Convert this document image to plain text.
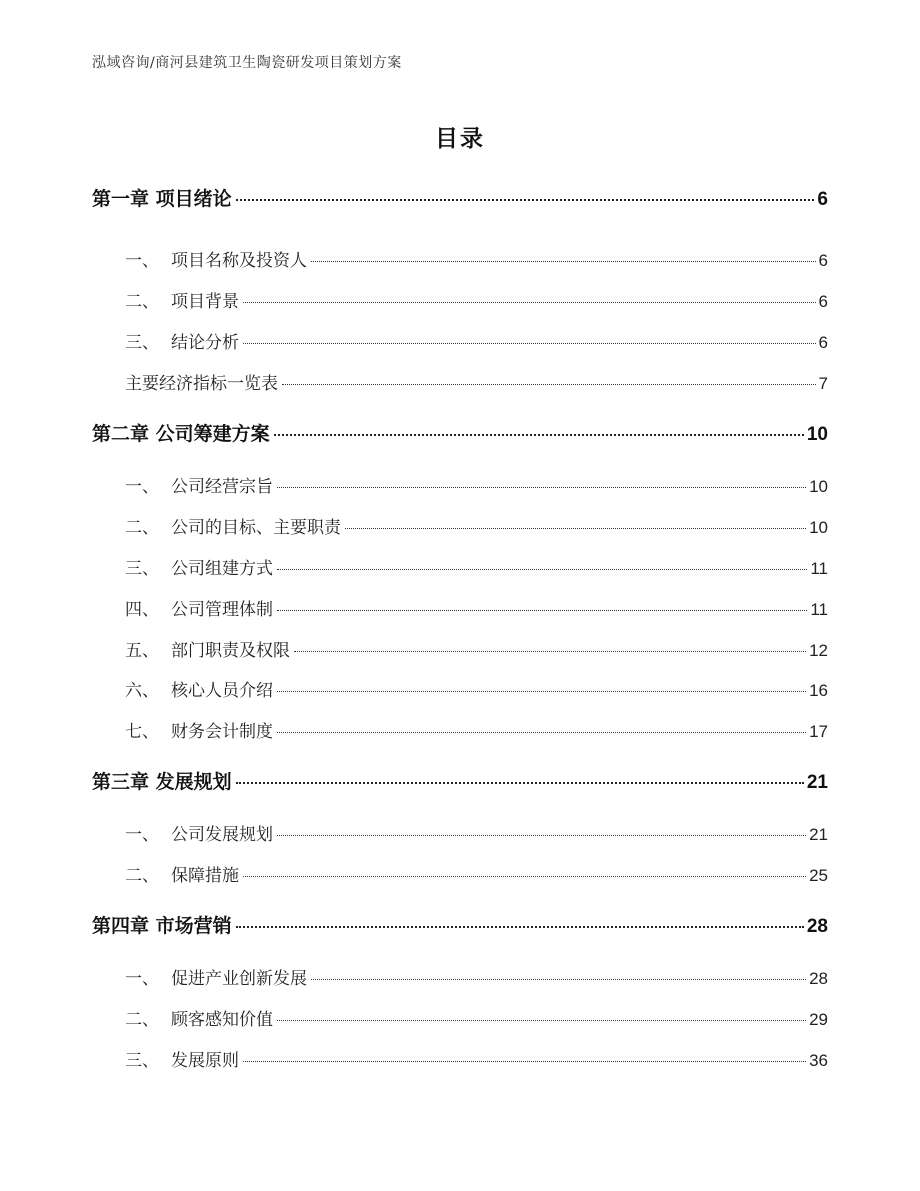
泓域咨询/商河县建筑卫生陶瓷研发项目策划方案
目录
第一章 项目绪论	6
一、 项目名称及投资人	6
二、 项目背景	6
三、 结论分析	6
主要经济指标一览表	7
第二章 公司筹建方案	10
一、 公司经营宗旨	10
二、 公司的目标、主要职责	10
三、 公司组建方式	11
四、 公司管理体制	11
五、 部门职责及权限	12
六、 核心人员介绍	16
七、 财务会计制度	17
第三章 发展规划	21
一、 公司发展规划	21
二、 保障措施	25
第四章 市场营销	28
一、 促进产业创新发展	28
二、 顾客感知价值	29
三、 发展原则	36
